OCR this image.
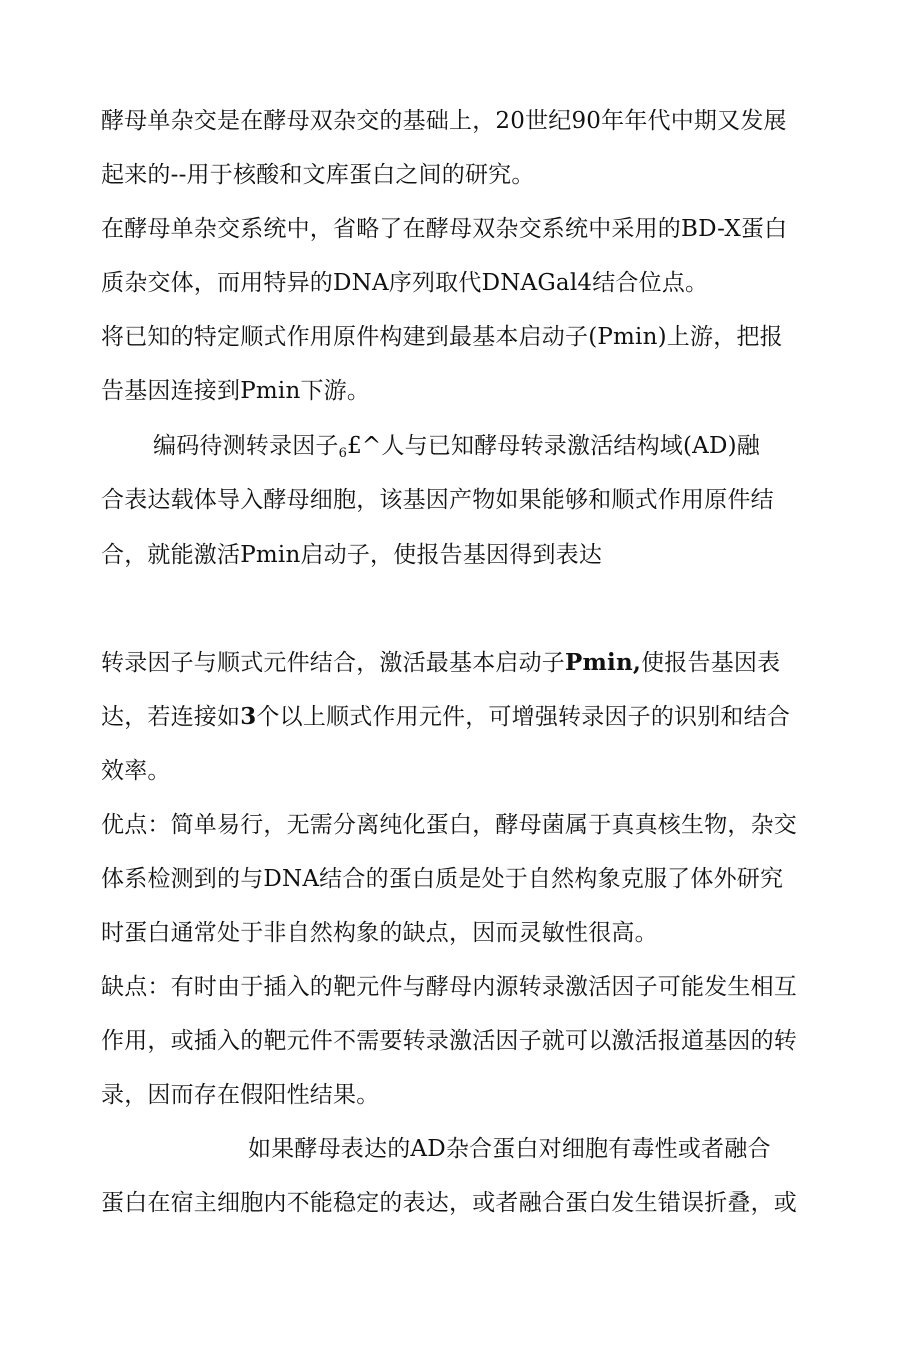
酵母单杂交是在酵母双杂交的基础上，20世纪90年年代中期又发展
起来的--用于核酸和文库蛋白之间的研究。
在酵母单杂交系统中，省略了在酵母双杂交系统中采用的BD-X蛋白
质杂交体，而用特异的DNA序列取代DNAGal4结合位点。
将已知的特定顺式作用原件构建到最基本启动子(Pmin)上游，把报
告基因连接到Pmin下游。
编码待测转录因子$_6$£^人与已知酵母转录激活结构域(AD)融
合表达载体导入酵母细胞，该基因产物如果能够和顺式作用原件结
合，就能激活Pmin启动子，使报告基因得到表达
转录因子与顺式元件结合，激活最基本启动子Pmin,使报告基因表
达，若连接如3个以上顺式作用元件，可增强转录因子的识别和结合
效率。
优点：简单易行，无需分离纯化蛋白，酵母菌属于真真核生物，杂交
体系检测到的与DNA结合的蛋白质是处于自然构象克服了体外研究
时蛋白通常处于非自然构象的缺点，因而灵敏性很高。
缺点：有时由于插入的靶元件与酵母内源转录激活因子可能发生相互
作用，或插入的靶元件不需要转录激活因子就可以激活报道基因的转
录，因而存在假阳性结果。
如果酵母表达的AD杂合蛋白对细胞有毒性或者融合
蛋白在宿主细胞内不能稳定的表达，或者融合蛋白发生错误折叠，或
